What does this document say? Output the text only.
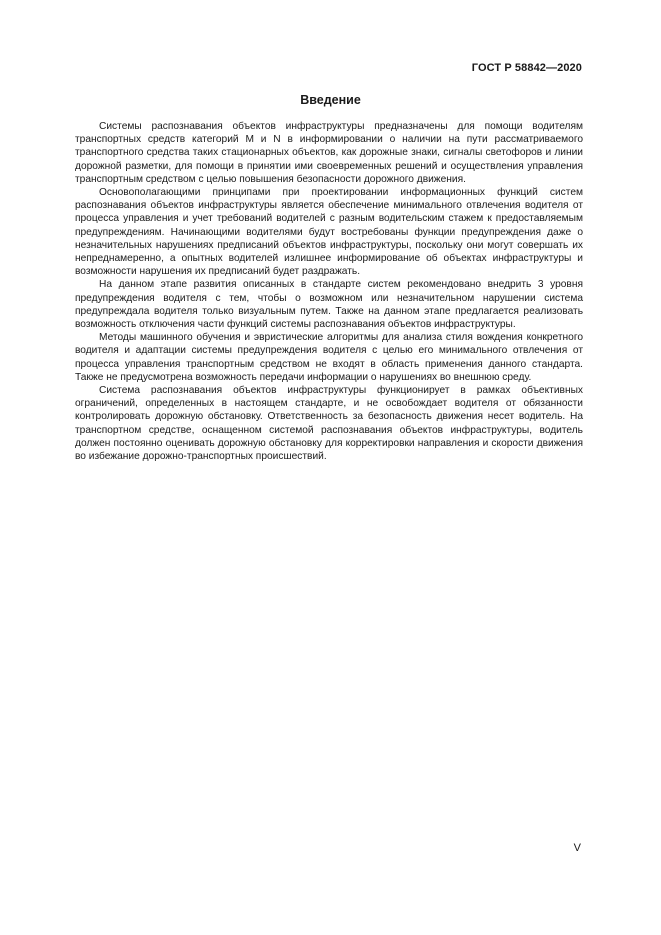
ГОСТ Р 58842—2020
Введение

Системы распознавания объектов инфраструктуры предназначены для помощи водителям транспортных средств категорий М и N в информировании о наличии на пути рассматриваемого транспортного средства таких стационарных объектов, как дорожные знаки, сигналы светофоров и линии дорожной разметки, для помощи в принятии ими своевременных решений и осуществления управления транспортным средством с целью повышения безопасности дорожного движения.

Основополагающими принципами при проектировании информационных функций систем распознавания объектов инфраструктуры является обеспечение минимального отвлечения водителя от процесса управления и учет требований водителей с разным водительским стажем к предоставляемым предупреждениям. Начинающими водителями будут востребованы функции предупреждения даже о незначительных нарушениях предписаний объектов инфраструктуры, поскольку они могут совершать их непреднамеренно, а опытных водителей излишнее информирование об объектах инфраструктуры и возможности нарушения их предписаний будет раздражать.

На данном этапе развития описанных в стандарте систем рекомендовано внедрить 3 уровня предупреждения водителя с тем, чтобы о возможном или незначительном нарушении система предупреждала водителя только визуальным путем. Также на данном этапе предлагается реализовать возможность отключения части функций системы распознавания объектов инфраструктуры.

Методы машинного обучения и эвристические алгоритмы для анализа стиля вождения конкретного водителя и адаптации системы предупреждения водителя с целью его минимального отвлечения от процесса управления транспортным средством не входят в область применения данного стандарта. Также не предусмотрена возможность передачи информации о нарушениях во внешнюю среду.

Система распознавания объектов инфраструктуры функционирует в рамках объективных ограничений, определенных в настоящем стандарте, и не освобождает водителя от обязанности контролировать дорожную обстановку. Ответственность за безопасность движения несет водитель. На транспортном средстве, оснащенном системой распознавания объектов инфраструктуры, водитель должен постоянно оценивать дорожную обстановку для корректировки направления и скорости движения во избежание дорожно-транспортных происшествий.

V
